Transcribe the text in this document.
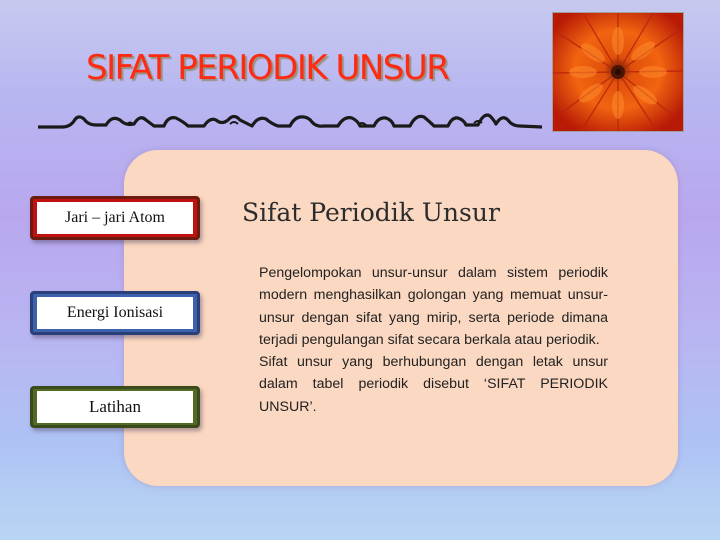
SIFAT PERIODIK UNSUR
Jari – jari Atom
Energi Ionisasi
Latihan
Sifat Periodik Unsur

Pengelompokan unsur-unsur dalam sistem periodik modern menghasilkan golongan yang memuat unsur-unsur dengan sifat yang mirip, serta periode dimana terjadi pengulangan sifat secara berkala atau periodik.

Sifat unsur yang berhubungan dengan letak unsur dalam tabel periodik disebut ‘SIFAT PERIODIK UNSUR’.
